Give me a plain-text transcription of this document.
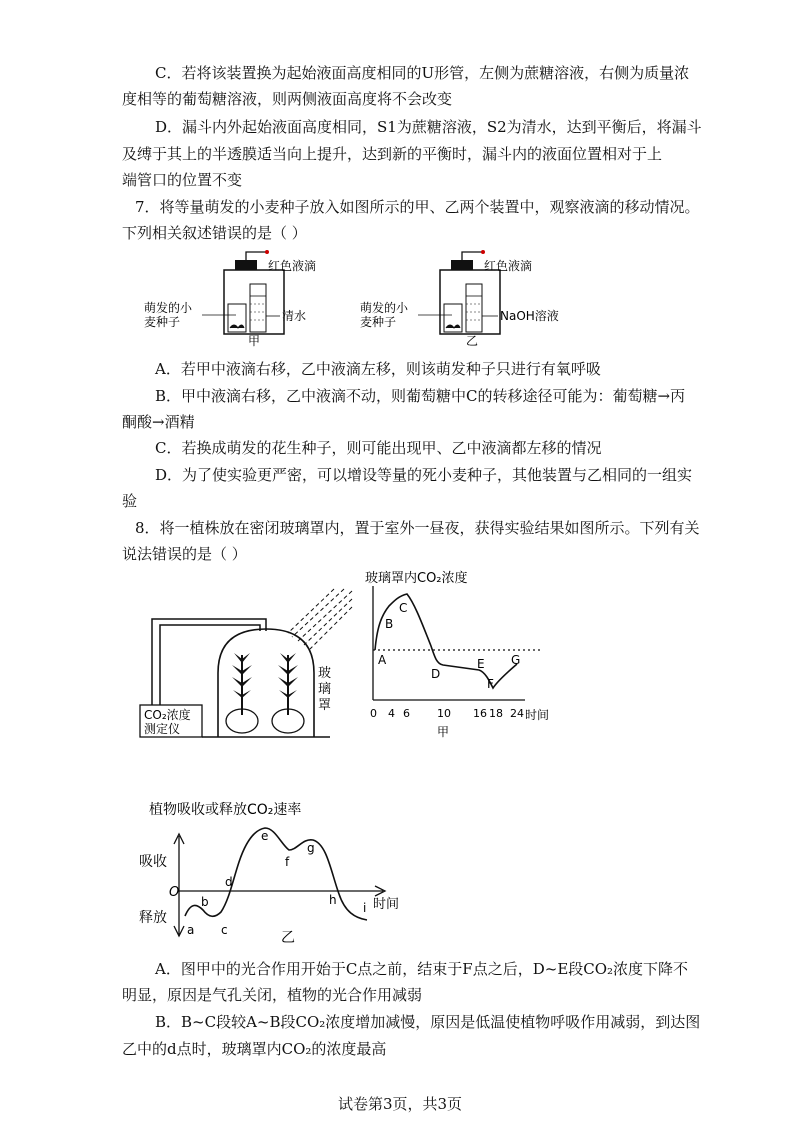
C．若将该装置换为起始液面高度相同的U形管，左侧为蔗糖溶液，右侧为质量浓
度相等的葡萄糖溶液，则两侧液面高度将不会改变
D．漏斗内外起始液面高度相同，S1为蔗糖溶液，S2为清水，达到平衡后，将漏斗
及缚于其上的半透膜适当向上提升，达到新的平衡时，漏斗内的液面位置相对于上
端管口的位置不变
7．将等量萌发的小麦种子放入如图所示的甲、乙两个装置中，观察液滴的移动情况。
下列相关叙述错误的是（ ）
红色液滴
萌发的小
麦种子	清水
甲
红色液滴
萌发的小
麦种子	NaOH溶液
乙
A．若甲中液滴右移，乙中液滴左移，则该萌发种子只进行有氧呼吸
B．甲中液滴右移，乙中液滴不动，则葡萄糖中C的转移途径可能为：葡萄糖→丙
酮酸→酒精
C．若换成萌发的花生种子，则可能出现甲、乙中液滴都左移的情况
D．为了使实验更严密，可以增设等量的死小麦种子，其他装置与乙相同的一组实
验
8．将一植株放在密闭玻璃罩内，置于室外一昼夜，获得实验结果如图所示。下列有关
说法错误的是（ ）
CO₂浓度
测定仪
玻
璃
罩
玻璃罩内CO₂浓度
A
B
C
D
E
F
G
0 4 6 10 16 18 24 时间
甲
植物吸收或释放CO₂速率
吸收
释放
O
a
b
c
d
e
f
g
h
i 时间
乙
A．图甲中的光合作用开始于C点之前，结束于F点之后，D~E段CO₂浓度下降不
明显，原因是气孔关闭，植物的光合作用减弱
B．B~C段较A~B段CO₂浓度增加减慢，原因是低温使植物呼吸作用减弱，到达图
乙中的d点时，玻璃罩内CO₂的浓度最高
试卷第3页，共3页
